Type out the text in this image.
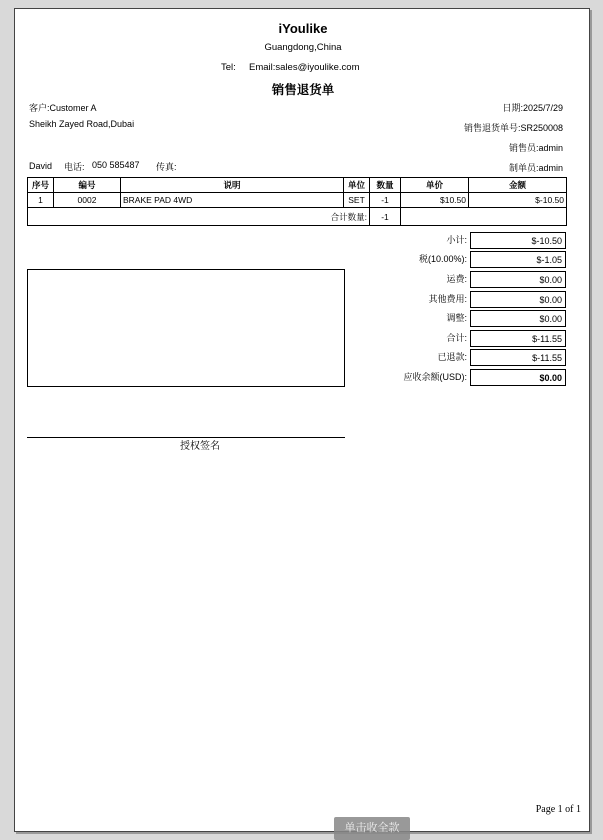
iYoulike
Guangdong,China
Tel: Email:sales@iyoulike.com
销售退货单
客户:Customer A
Sheikh Zayed Road,Dubai
David 电话: 050 585487 传真:
日期:2025/7/29
销售退货单号:SR250008
销售员:admin
制单员:admin
序号	编号	说明	单位	数量	单价	金额
1	0002	BRAKE PAD 4WD	SET	-1	$10.50	$-10.50
合计数量:				-1		
小计:	$-10.50
税(10.00%):	$-1.05
运费:	$0.00
其他费用:	$0.00
调整:	$0.00
合计:	$-11.55
已退款:	$-11.55
应收余额(USD):	$0.00
授权签名
Page 1 of 1
单击收全款
